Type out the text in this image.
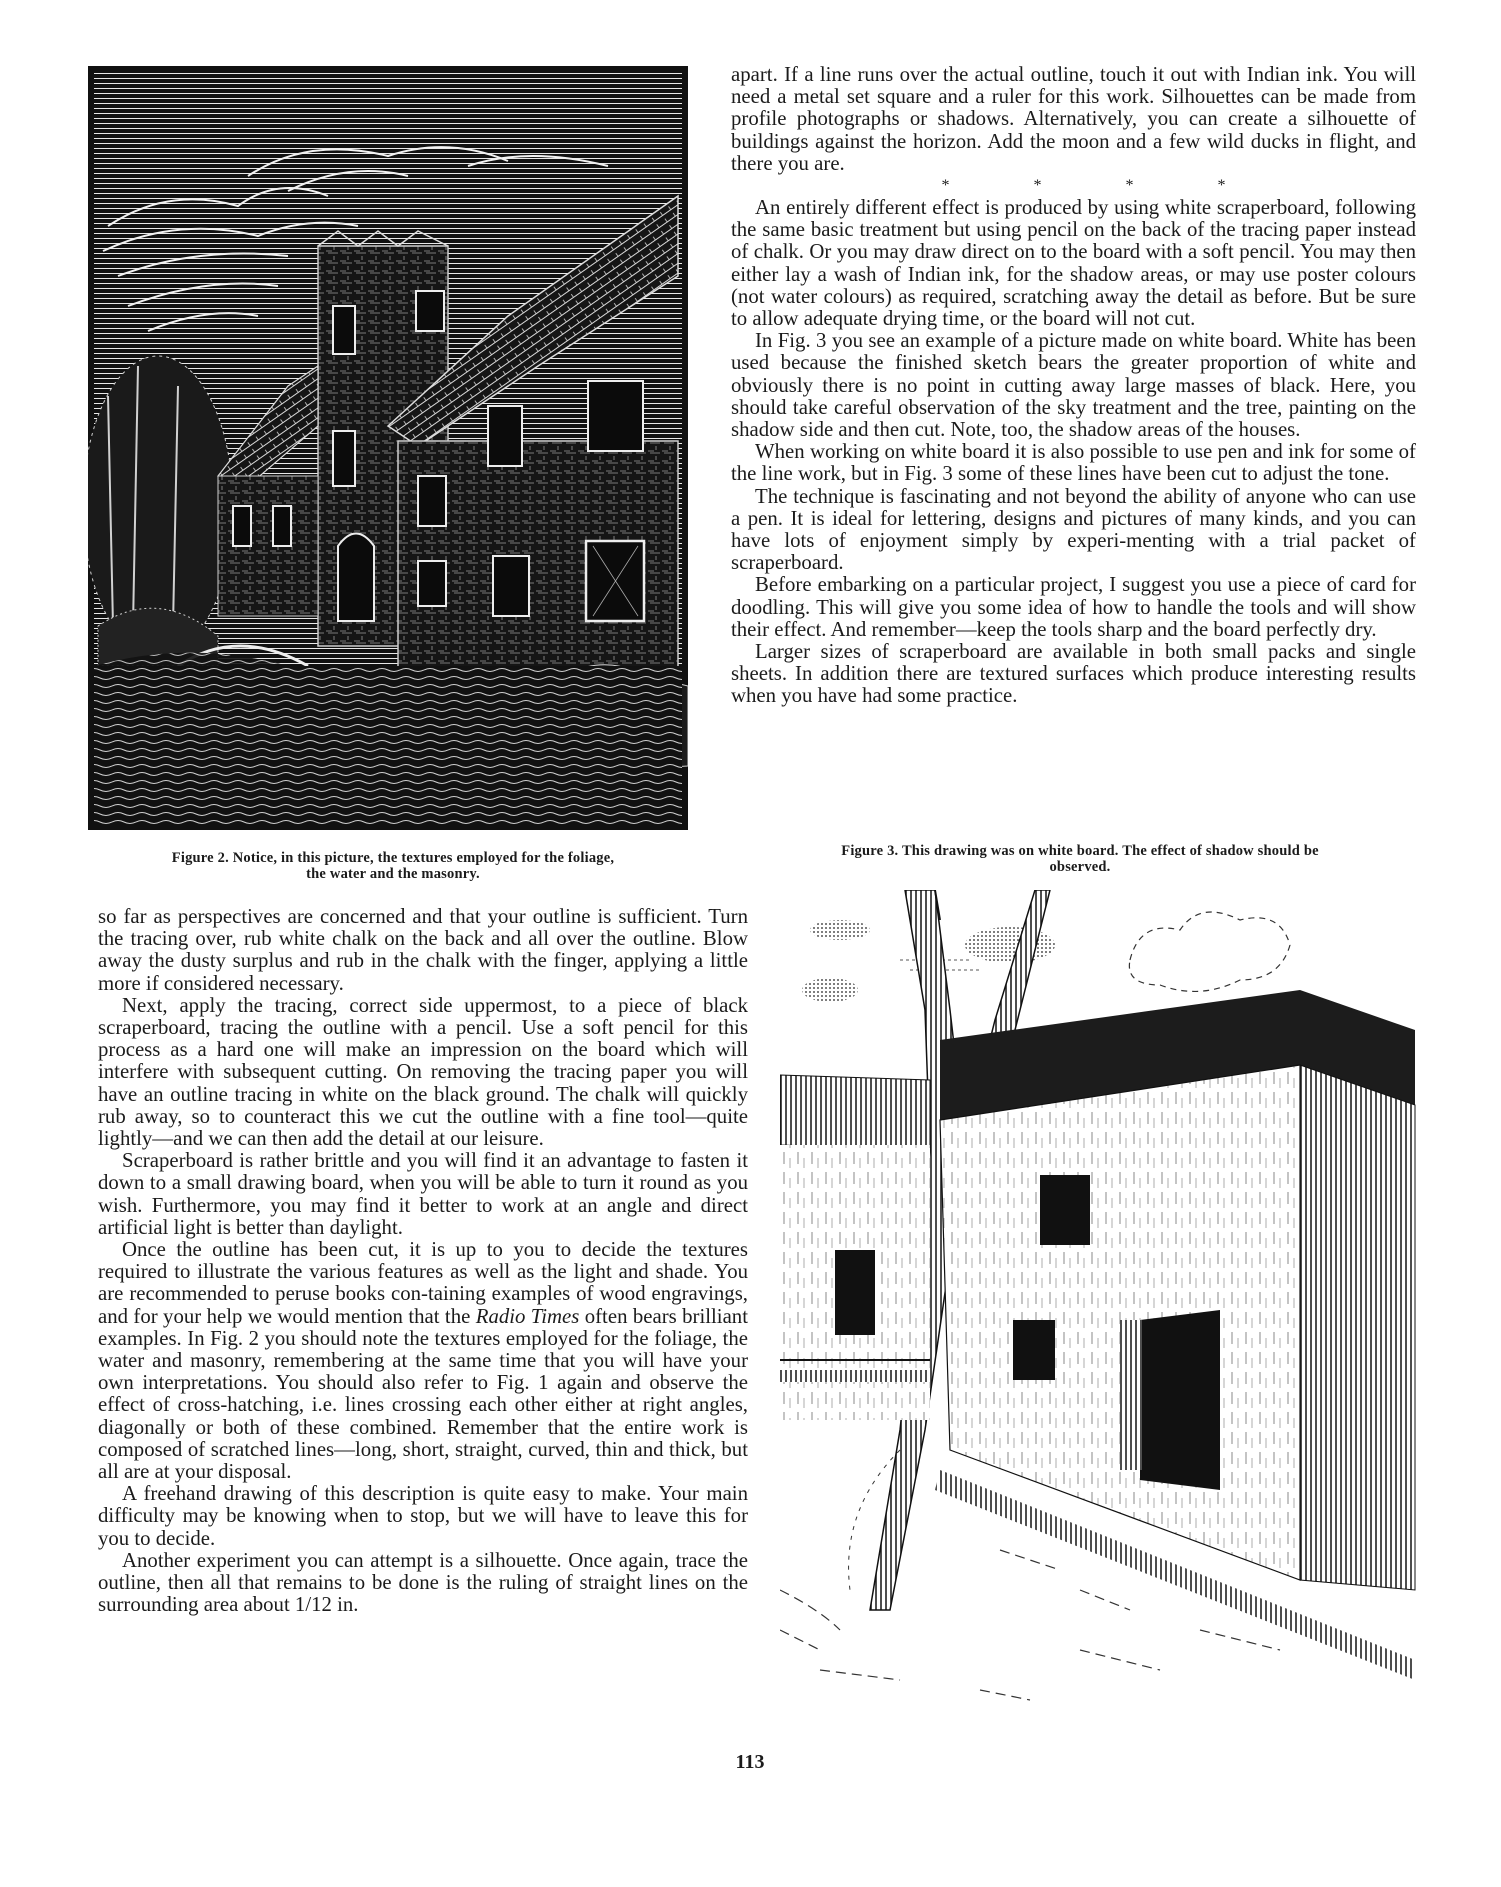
Figure 2. Notice, in this picture, the textures employed for the foliage,
the water and the masonry.

apart. If a line runs over the actual outline, touch it out with Indian ink. You will need a metal set square and a ruler for this work. Silhouettes can be made from profile photographs or shadows. Alternatively, you can create a silhouette of buildings against the horizon. Add the moon and a few wild ducks in flight, and there you are.

* * * *

An entirely different effect is produced by using white scraperboard, following the same basic treatment but using pencil on the back of the tracing paper instead of chalk. Or you may draw direct on to the board with a soft pencil. You may then either lay a wash of Indian ink, for the shadow areas, or may use poster colours (not water colours) as required, scratching away the detail as before. But be sure to allow adequate drying time, or the board will not cut.

In Fig. 3 you see an example of a picture made on white board. White has been used because the finished sketch bears the greater proportion of white and obviously there is no point in cutting away large masses of black. Here, you should take careful observation of the sky treatment and the tree, painting on the shadow side and then cut. Note, too, the shadow areas of the houses.

When working on white board it is also possible to use pen and ink for some of the line work, but in Fig. 3 some of these lines have been cut to adjust the tone.

The technique is fascinating and not beyond the ability of anyone who can use a pen. It is ideal for lettering, designs and pictures of many kinds, and you can have lots of enjoyment simply by experi-menting with a trial packet of scraperboard.

Before embarking on a particular project, I suggest you use a piece of card for doodling. This will give you some idea of how to handle the tools and will show their effect. And remember—keep the tools sharp and the board perfectly dry.

Larger sizes of scraperboard are available in both small packs and single sheets. In addition there are textured surfaces which produce interesting results when you have had some practice.

Figure 3. This drawing was on white board. The effect of shadow should be
observed.

so far as perspectives are concerned and that your outline is sufficient. Turn the tracing over, rub white chalk on the back and all over the outline. Blow away the dusty surplus and rub in the chalk with the finger, applying a little more if considered necessary.

Next, apply the tracing, correct side uppermost, to a piece of black scraperboard, tracing the outline with a pencil. Use a soft pencil for this process as a hard one will make an impression on the board which will interfere with subsequent cutting. On removing the tracing paper you will have an outline tracing in white on the black ground. The chalk will quickly rub away, so to counteract this we cut the outline with a fine tool—quite lightly—and we can then add the detail at our leisure.

Scraperboard is rather brittle and you will find it an advantage to fasten it down to a small drawing board, when you will be able to turn it round as you wish. Furthermore, you may find it better to work at an angle and direct artificial light is better than daylight.

Once the outline has been cut, it is up to you to decide the textures required to illustrate the various features as well as the light and shade. You are recommended to peruse books con-taining examples of wood engravings, and for your help we would mention that the Radio Times often bears brilliant examples. In Fig. 2 you should note the textures employed for the foliage, the water and masonry, remembering at the same time that you will have your own interpretations. You should also refer to Fig. 1 again and observe the effect of cross-hatching, i.e. lines crossing each other either at right angles, diagonally or both of these combined. Remember that the entire work is composed of scratched lines—long, short, straight, curved, thin and thick, but all are at your disposal.

A freehand drawing of this description is quite easy to make. Your main difficulty may be knowing when to stop, but we will have to leave this for you to decide.

Another experiment you can attempt is a silhouette. Once again, trace the outline, then all that remains to be done is the ruling of straight lines on the surrounding area about 1/12 in.

113
